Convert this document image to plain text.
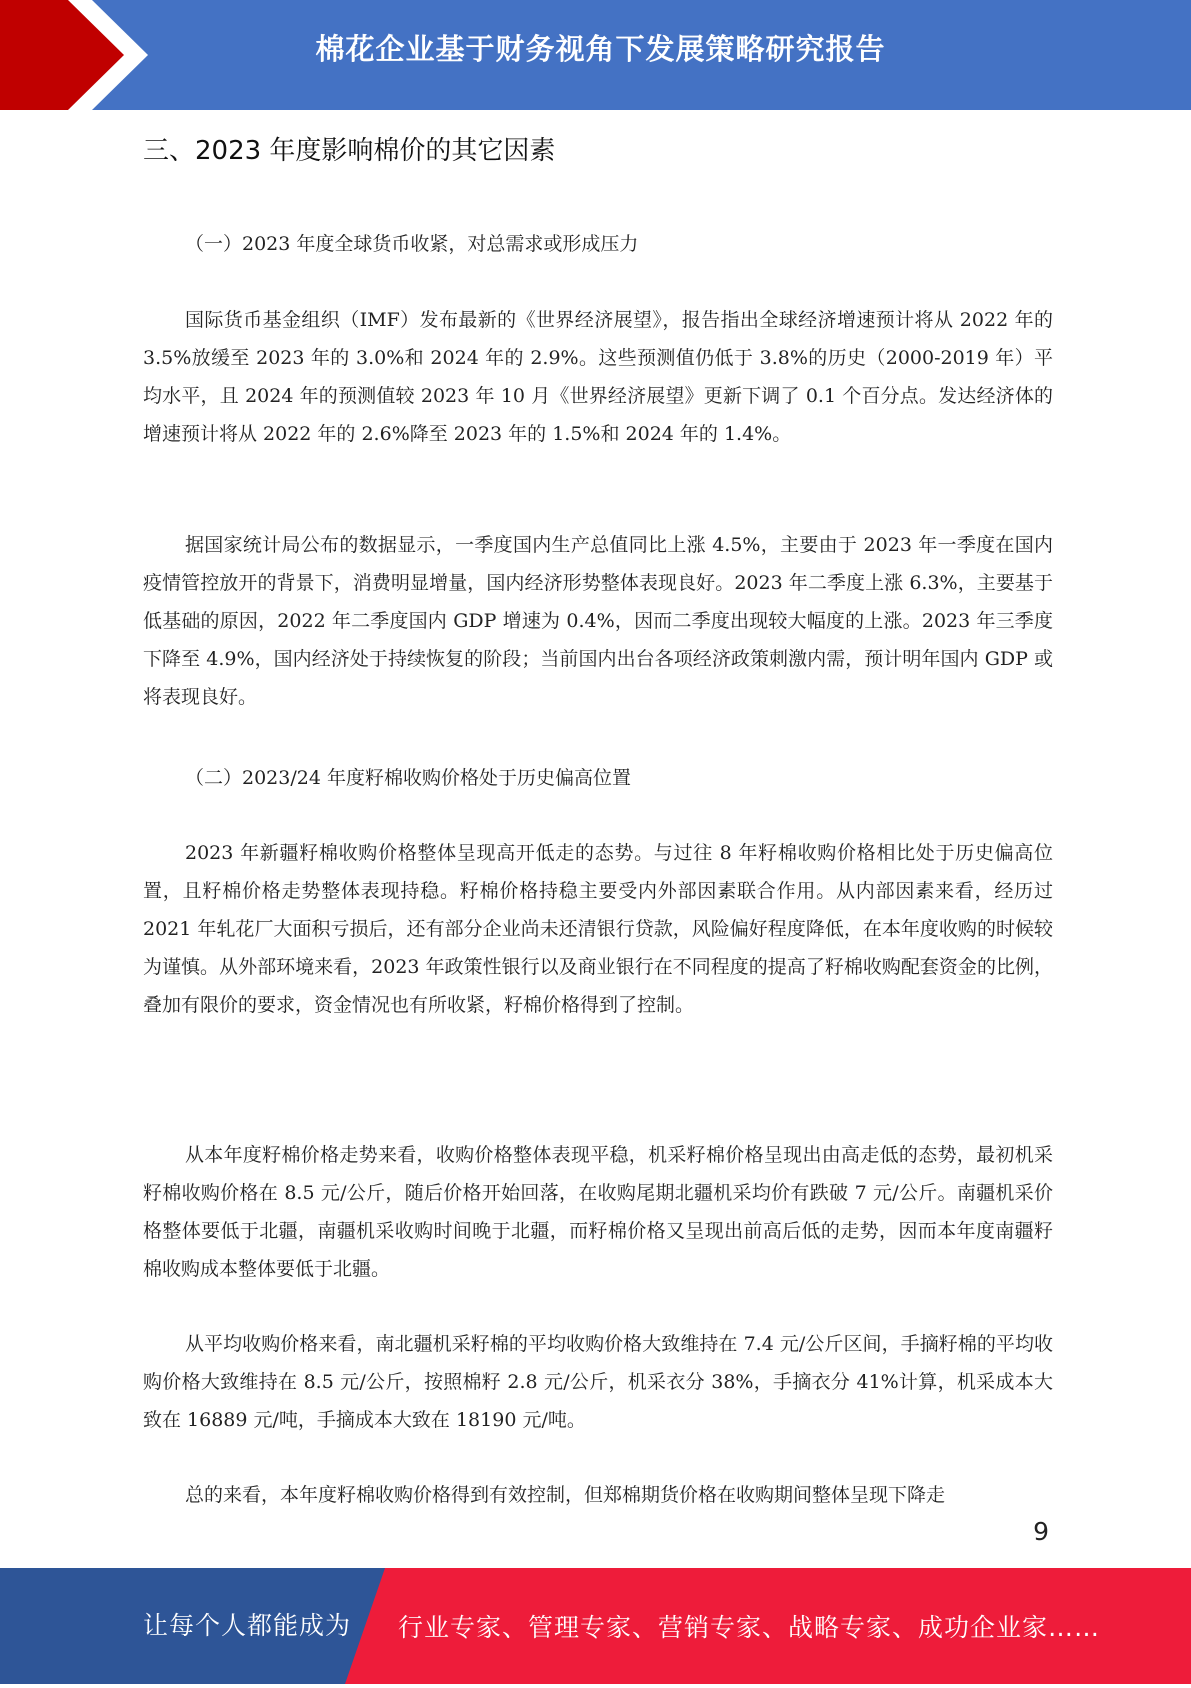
棉花企业基于财务视角下发展策略研究报告
三、2023 年度影响棉价的其它因素
（一）2023 年度全球货币收紧，对总需求或形成压力

国际货币基金组织（IMF）发布最新的《世界经济展望》，报告指出全球经济增速预计将从 2022 年的 3.5%放缓至 2023 年的 3.0%和 2024 年的 2.9%。这些预测值仍低于 3.8%的历史（2000-2019 年）平均水平，且 2024 年的预测值较 2023 年 10 月《世界经济展望》更新下调了 0.1 个百分点。发达经济体的增速预计将从 2022 年的 2.6%降至 2023 年的 1.5%和 2024 年的 1.4%。

据国家统计局公布的数据显示，一季度国内生产总值同比上涨 4.5%，主要由于 2023 年一季度在国内疫情管控放开的背景下，消费明显增量，国内经济形势整体表现良好。2023 年二季度上涨 6.3%，主要基于低基础的原因，2022 年二季度国内 GDP 增速为 0.4%，因而二季度出现较大幅度的上涨。2023 年三季度下降至 4.9%，国内经济处于持续恢复的阶段；当前国内出台各项经济政策刺激内需，预计明年国内 GDP 或将表现良好。

（二）2023/24 年度籽棉收购价格处于历史偏高位置

2023 年新疆籽棉收购价格整体呈现高开低走的态势。与过往 8 年籽棉收购价格相比处于历史偏高位置，且籽棉价格走势整体表现持稳。籽棉价格持稳主要受内外部因素联合作用。从内部因素来看，经历过 2021 年轧花厂大面积亏损后，还有部分企业尚未还清银行贷款，风险偏好程度降低，在本年度收购的时候较为谨慎。从外部环境来看，2023 年政策性银行以及商业银行在不同程度的提高了籽棉收购配套资金的比例，叠加有限价的要求，资金情况也有所收紧，籽棉价格得到了控制。

从本年度籽棉价格走势来看，收购价格整体表现平稳，机采籽棉价格呈现出由高走低的态势，最初机采籽棉收购价格在 8.5 元/公斤，随后价格开始回落，在收购尾期北疆机采均价有跌破 7 元/公斤。南疆机采价格整体要低于北疆，南疆机采收购时间晚于北疆，而籽棉价格又呈现出前高后低的走势，因而本年度南疆籽棉收购成本整体要低于北疆。

从平均收购价格来看，南北疆机采籽棉的平均收购价格大致维持在 7.4 元/公斤区间，手摘籽棉的平均收购价格大致维持在 8.5 元/公斤，按照棉籽 2.8 元/公斤，机采衣分 38%，手摘衣分 41%计算，机采成本大致在 16889 元/吨，手摘成本大致在 18190 元/吨。

总的来看，本年度籽棉收购价格得到有效控制，但郑棉期货价格在收购期间整体呈现下降走

9
让每个人都能成为 行业专家、管理专家、营销专家、战略专家、成功企业家……
